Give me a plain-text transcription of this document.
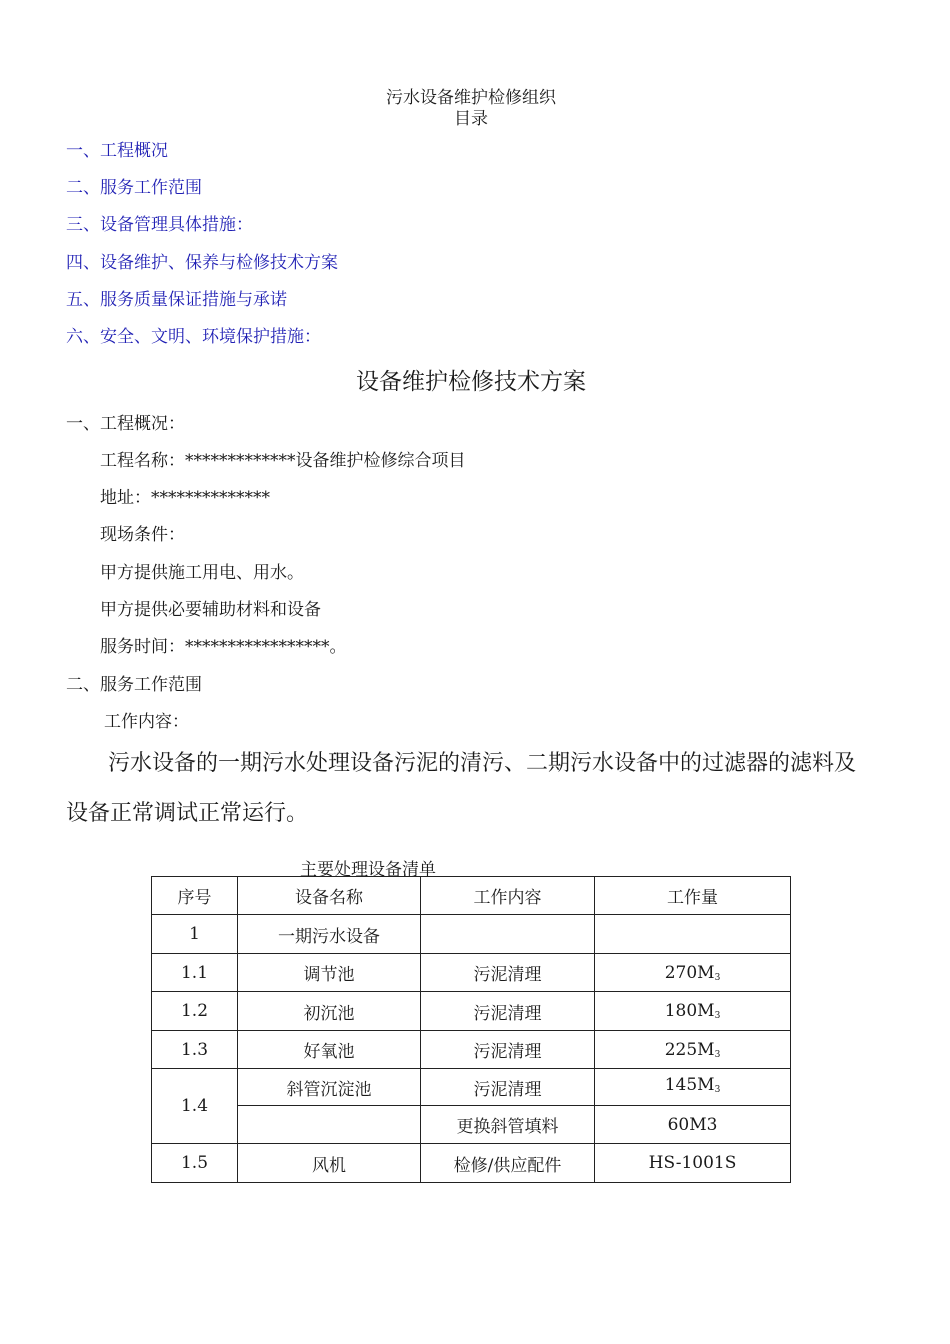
污水设备维护检修组织
目录
一、工程概况
二、服务工作范围
三、设备管理具体措施：
四、设备维护、保养与检修技术方案
五、服务质量保证措施与承诺
六、安全、文明、环境保护措施：
设备维护检修技术方案
一、工程概况：
工程名称：*************设备维护检修综合项目
地址：**************
现场条件：
甲方提供施工用电、用水。
甲方提供必要辅助材料和设备
服务时间：*****************。
二、服务工作范围
工作内容：
污水设备的一期污水处理设备污泥的清污、二期污水设备中的过滤器的滤料及
设备正常调试正常运行。
主要处理设备清单
序号	设备名称	工作内容	工作量
1	一期污水设备		
1.1	调节池	污泥清理	$270M_3$
1.2	初沉池	污泥清理	$180M_3$
1.3	好氧池	污泥清理	$225M_3$
1.4	斜管沉淀池	污泥清理	$145M_3$
		更换斜管填料	60M3
1.5	风机	检修/供应配件	HS-1001S
